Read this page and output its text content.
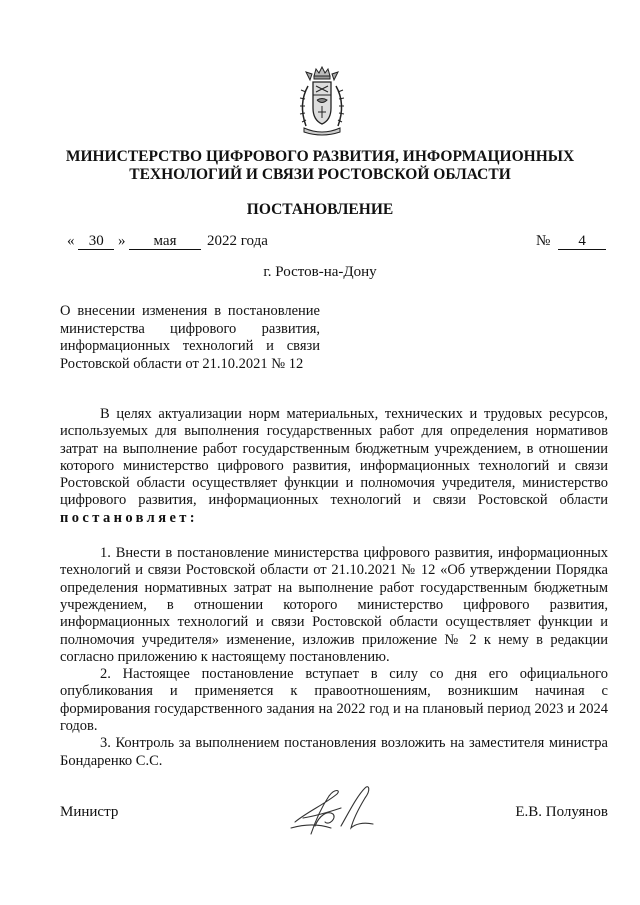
МИНИСТЕРСТВО ЦИФРОВОГО РАЗВИТИЯ, ИНФОРМАЦИОННЫХ
ТЕХНОЛОГИЙ И СВЯЗИ РОСТОВСКОЙ ОБЛАСТИ
ПОСТАНОВЛЕНИЕ
« 30 »	мая	2022 года	№ 4
г. Ростов-на-Дону
О внесении изменения в постановление министерства цифрового развития, информационных технологий и связи Ростовской области от 21.10.2021 № 12

В целях актуализации норм материальных, технических и трудовых ресурсов, используемых для выполнения государственных работ для определения нормативов затрат на выполнение работ государственным бюджетным учреждением, в отношении которого министерство цифрового развития, информационных технологий и связи Ростовской области осуществляет функции и полномочия учредителя, министерство цифрового развития, информационных технологий и связи Ростовской области постановляет:

1. Внести в постановление министерства цифрового развития, информационных технологий и связи Ростовской области от 21.10.2021 № 12 «Об утверждении Порядка определения нормативных затрат на выполнение работ государственным бюджетным учреждением, в отношении которого министерство цифрового развития, информационных технологий и связи Ростовской области осуществляет функции и полномочия учредителя» изменение, изложив приложение № 2 к нему в редакции согласно приложению к настоящему постановлению.

2. Настоящее постановление вступает в силу со дня его официального опубликования и применяется к правоотношениям, возникшим начиная с формирования государственного задания на 2022 год и на плановый период 2023 и 2024 годов.

3. Контроль за выполнением постановления возложить на заместителя министра Бондаренко С.С.

Министр	Е.В. Полуянов
